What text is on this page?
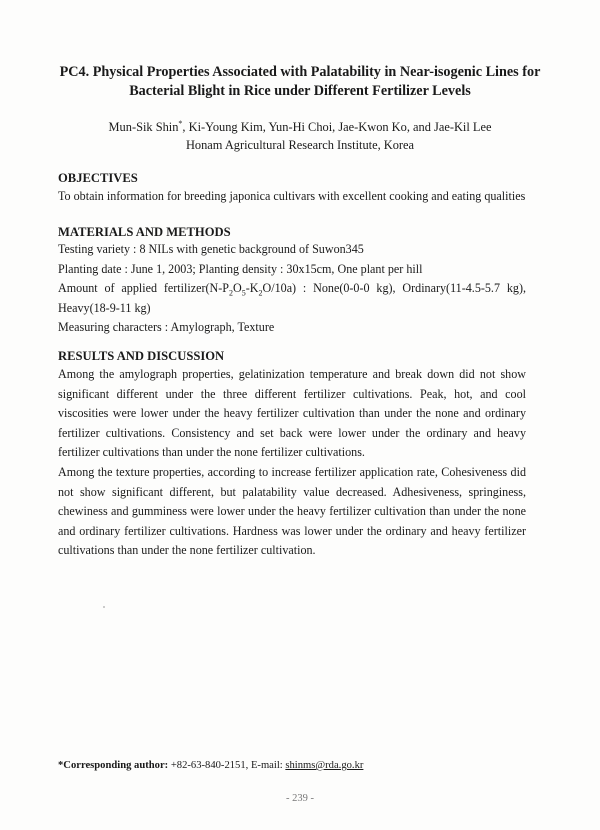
PC4. Physical Properties Associated with Palatability in Near-isogenic Lines for
Bacterial Blight in Rice under Different Fertilizer Levels
Mun-Sik Shin*, Ki-Young Kim, Yun-Hi Choi, Jae-Kwon Ko, and Jae-Kil Lee
Honam Agricultural Research Institute, Korea
OBJECTIVES
To obtain information for breeding japonica cultivars with excellent cooking and eating qualities
MATERIALS AND METHODS
Testing variety : 8 NILs with genetic background of Suwon345
Planting date : June 1, 2003; Planting density : 30x15cm, One plant per hill
Amount of applied $fertilizer(N-P_2O_5-K_2O/10a)$ : None(0-0-0 kg), Ordinary(11-4.5-5.7 kg),
Heavy(18-9-11 kg)
Measuring characters : Amylograph, Texture
RESULTS AND DISCUSSION

Among the amylograph properties, gelatinization temperature and break down did not show significant different under the three different fertilizer cultivations. Peak, hot, and cool viscosities were lower under the heavy fertilizer cultivation than under the none and ordinary fertilizer cultivations. Consistency and set back were lower under the ordinary and heavy fertilizer cultivations than under the none fertilizer cultivations.

Among the texture properties, according to increase fertilizer application rate, Cohesiveness did not show significant different, but palatability value decreased. Adhesiveness, springiness, chewiness and gumminess were lower under the heavy fertilizer cultivation than under the none and ordinary fertilizer cultivations. Hardness was lower under the ordinary and heavy fertilizer cultivations than under the none fertilizer cultivation.

*Corresponding author: +82-63-840-2151, E-mail: shinms@rda.go.kr
- 239 -
